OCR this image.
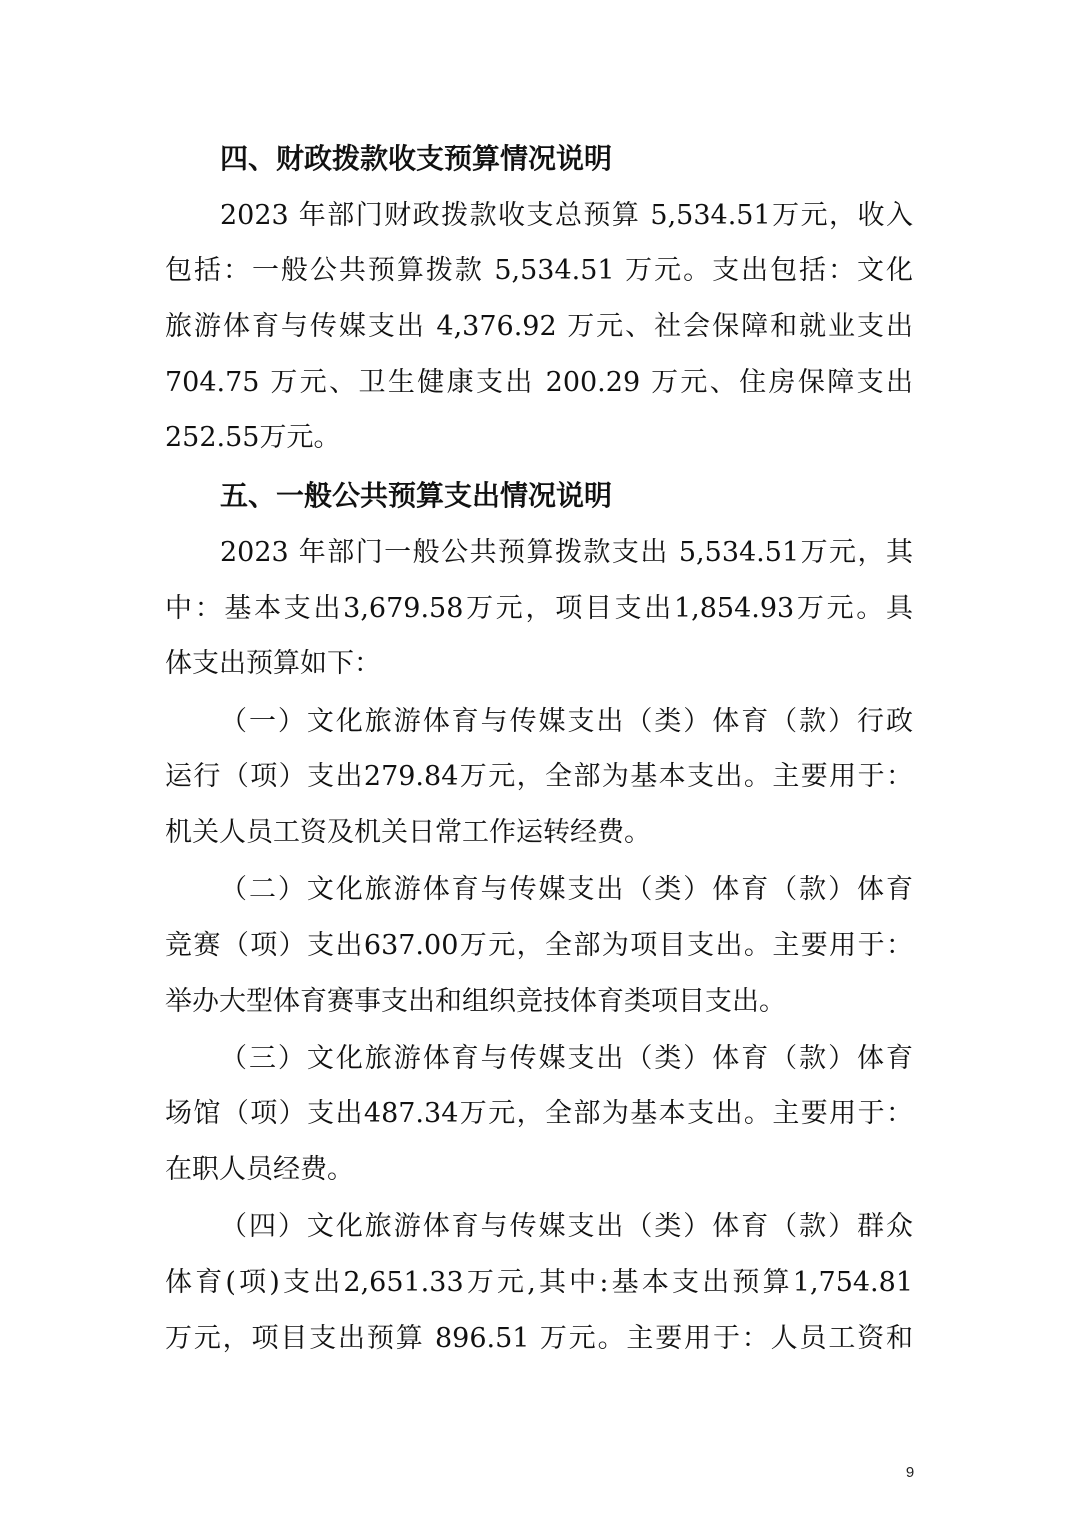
四、财政拨款收支预算情况说明
2023 年部门财政拨款收支总预算 5,534.51万元，收入
包括：一般公共预算拨款 5,534.51 万元。支出包括：文化
旅游体育与传媒支出 4,376.92 万元、社会保障和就业支出
704.75 万元、卫生健康支出 200.29 万元、住房保障支出
252.55万元。
五、一般公共预算支出情况说明
2023 年部门一般公共预算拨款支出 5,534.51万元，其
中：基本支出3,679.58万元，项目支出1,854.93万元。具
体支出预算如下：
（一）文化旅游体育与传媒支出（类）体育（款）行政
运行（项）支出279.84万元，全部为基本支出。主要用于：
机关人员工资及机关日常工作运转经费。
（二）文化旅游体育与传媒支出（类）体育（款）体育
竞赛（项）支出637.00万元，全部为项目支出。主要用于：
举办大型体育赛事支出和组织竞技体育类项目支出。
（三）文化旅游体育与传媒支出（类）体育（款）体育
场馆（项）支出487.34万元，全部为基本支出。主要用于：
在职人员经费。
（四）文化旅游体育与传媒支出（类）体育（款）群众
体育(项)支出2,651.33万元,其中:基本支出预算1,754.81
万元，项目支出预算 896.51 万元。主要用于：人员工资和
9
